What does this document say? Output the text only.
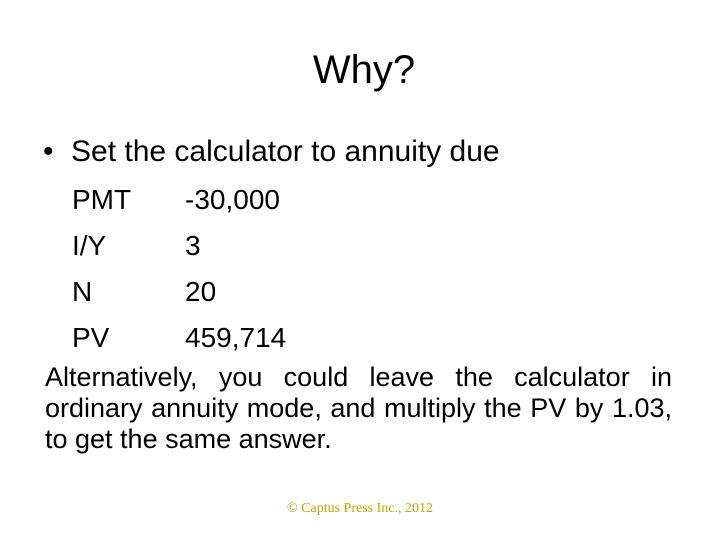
Why?
• Set the calculator to annuity due
PMT -30,000
I/Y	3
N	20
PV	459,714
Alternatively, you could leave the calculator in ordinary annuity mode, and multiply the PV by 1.03, to get the same answer.
© Captus Press Inc., 2012
